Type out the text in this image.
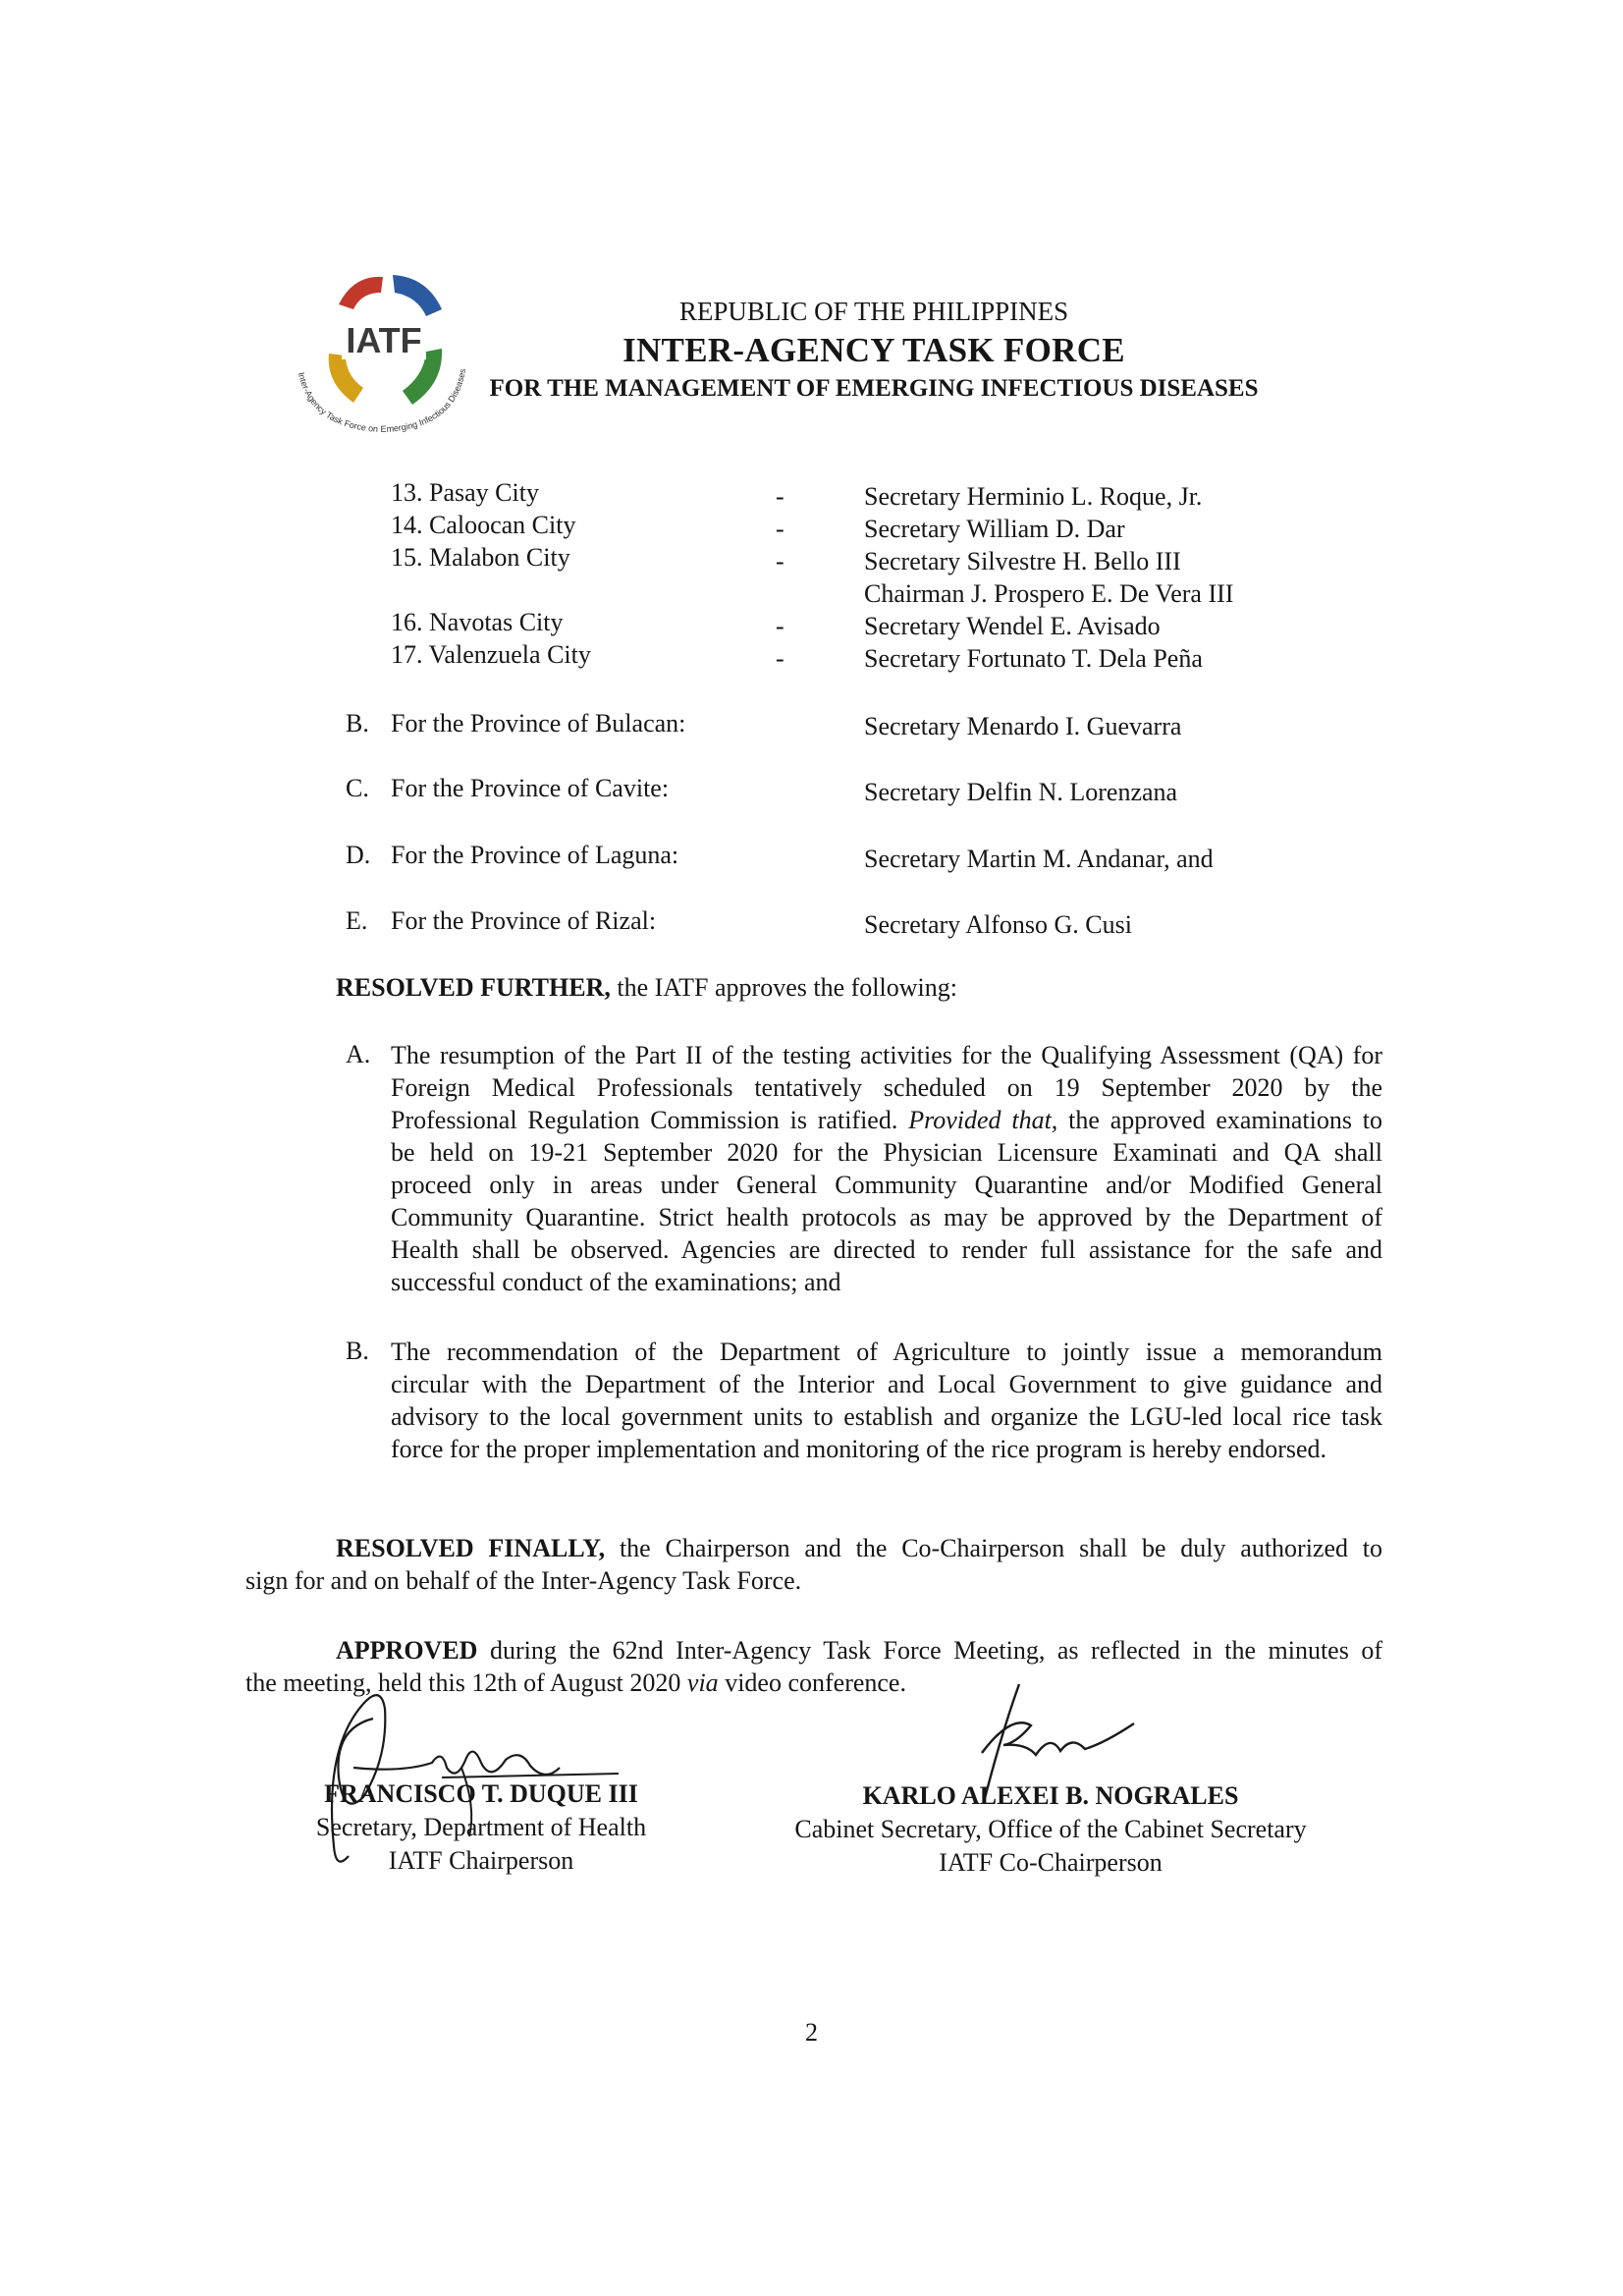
IATF
Inter-Agency Task Force on Emerging Infectious Diseases
REPUBLIC OF THE PHILIPPINES
INTER-AGENCY TASK FORCE
FOR THE MANAGEMENT OF EMERGING INFECTIOUS DISEASES
13. Pasay City	-	Secretary Herminio L. Roque, Jr.
14. Caloocan City	-	Secretary William D. Dar
15. Malabon City	-	Secretary Silvestre H. Bello III
Chairman J. Prospero E. De Vera III
16. Navotas City	-	Secretary Wendel E. Avisado
17. Valenzuela City	-	Secretary Fortunato T. Dela Peña
B. For the Province of Bulacan:	Secretary Menardo I. Guevarra
C. For the Province of Cavite:	Secretary Delfin N. Lorenzana
D. For the Province of Laguna:	Secretary Martin M. Andanar, and
E. For the Province of Rizal:	Secretary Alfonso G. Cusi
RESOLVED FURTHER, the IATF approves the following:
A. The resumption of the Part II of the testing activities for the Qualifying Assessment (QA) for
Foreign Medical Professionals tentatively scheduled on 19 September 2020 by the
Professional Regulation Commission is ratified. Provided that, the approved examinations to
be held on 19-21 September 2020 for the Physician Licensure Examinati and QA shall
proceed only in areas under General Community Quarantine and/or Modified General
Community Quarantine. Strict health protocols as may be approved by the Department of
Health shall be observed. Agencies are directed to render full assistance for the safe and
successful conduct of the examinations; and
B. The recommendation of the Department of Agriculture to jointly issue a memorandum
circular with the Department of the Interior and Local Government to give guidance and
advisory to the local government units to establish and organize the LGU-led local rice task
force for the proper implementation and monitoring of the rice program is hereby endorsed.
RESOLVED FINALLY, the Chairperson and the Co-Chairperson shall be duly authorized to
sign for and on behalf of the Inter-Agency Task Force.
APPROVED during the 62nd Inter-Agency Task Force Meeting, as reflected in the minutes of
the meeting, held this 12th of August 2020 via video conference.
FRANCISCO T. DUQUE III
Secretary, Department of Health
IATF Chairperson
KARLO ALEXEI B. NOGRALES
Cabinet Secretary, Office of the Cabinet Secretary
IATF Co-Chairperson
2
